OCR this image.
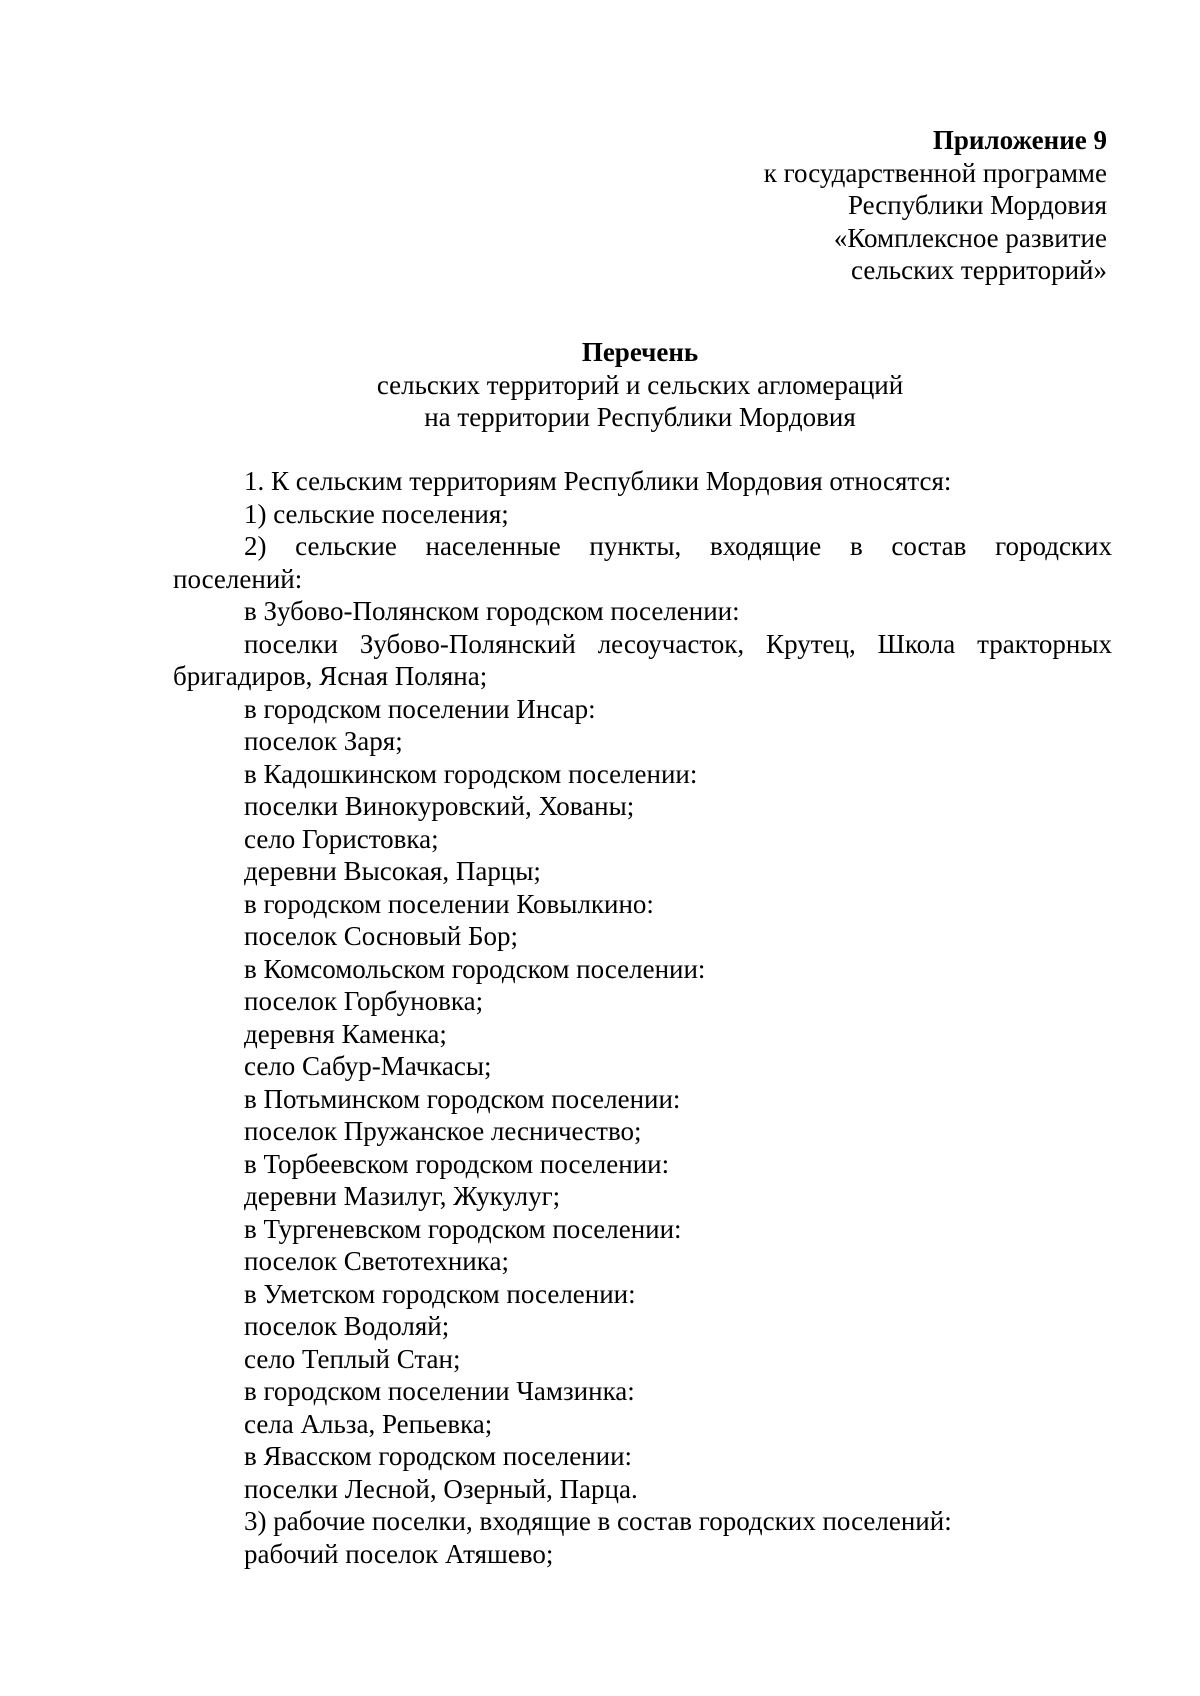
Приложение 9
к государственной программе
Республики Мордовия
«Комплексное развитие
сельских территорий»
Перечень
сельских территорий и сельских агломераций
на территории Республики Мордовия
1. К сельским территориям Республики Мордовия относятся:
1) сельские поселения;
2) сельские населенные пункты, входящие в состав городских
поселений:
в Зубово-Полянском городском поселении:
поселки Зубово-Полянский лесоучасток, Крутец, Школа тракторных
бригадиров, Ясная Поляна;
в городском поселении Инсар:
поселок Заря;
в Кадошкинском городском поселении:
поселки Винокуровский, Хованы;
село Гористовка;
деревни Высокая, Парцы;
в городском поселении Ковылкино:
поселок Сосновый Бор;
в Комсомольском городском поселении:
поселок Горбуновка;
деревня Каменка;
село Сабур-Мачкасы;
в Потьминском городском поселении:
поселок Пружанское лесничество;
в Торбеевском городском поселении:
деревни Мазилуг, Жукулуг;
в Тургеневском городском поселении:
поселок Светотехника;
в Уметском городском поселении:
поселок Водоляй;
село Теплый Стан;
в городском поселении Чамзинка:
села Альза, Репьевка;
в Явасском городском поселении:
поселки Лесной, Озерный, Парца.
3) рабочие поселки, входящие в состав городских поселений:
рабочий поселок Атяшево;
